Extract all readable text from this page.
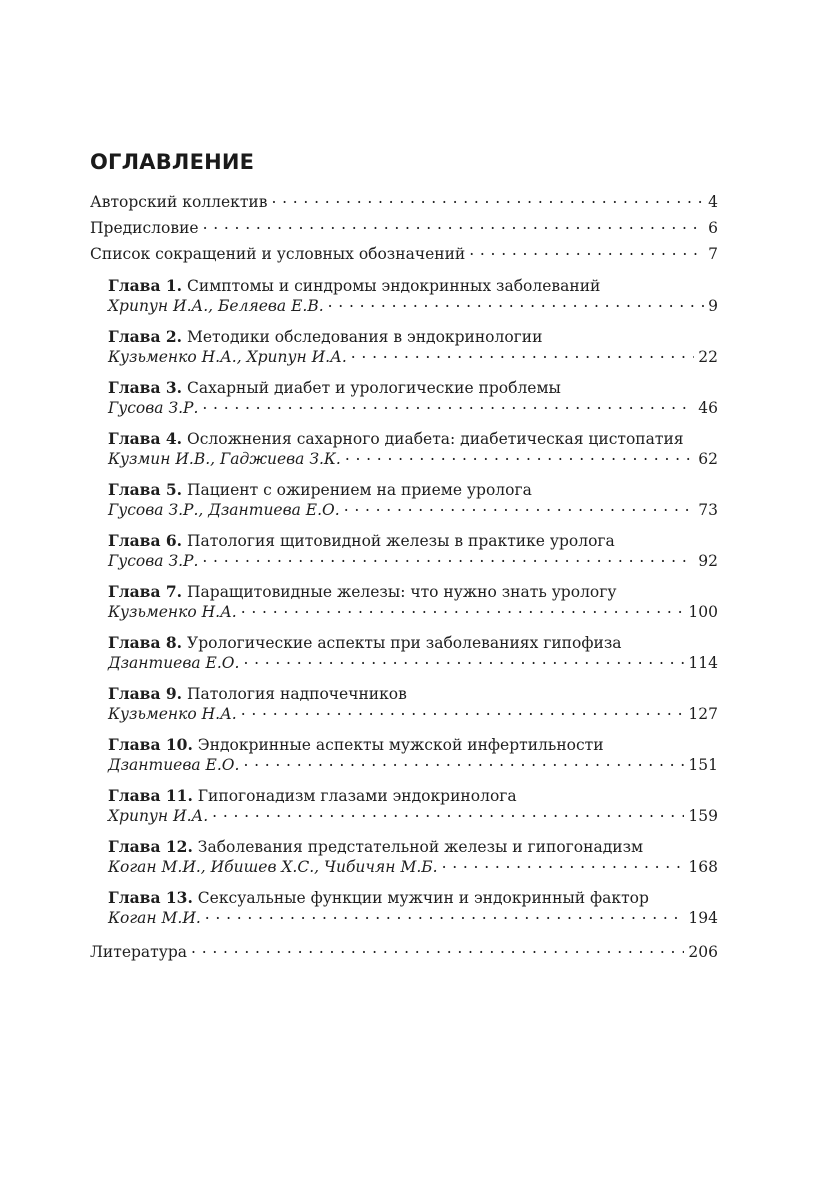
ОГЛАВЛЕНИЕ
Авторский коллектив . . .	4
Предисловие . . .	6
Список сокращений и условных обозначений . . .	7
Глава 1. Симптомы и синдромы эндокринных заболеваний
Хрипун И.А., Беляева Е.В. . . .	9
Глава 2. Методики обследования в эндокринологии
Кузьменко Н.А., Хрипун И.А. . . .	22
Глава 3. Сахарный диабет и урологические проблемы
Гусова З.Р. . . .	46
Глава 4. Осложнения сахарного диабета: диабетическая цистопатия
Кузмин И.В., Гаджиева З.К. . . .	62
Глава 5. Пациент с ожирением на приеме уролога
Гусова З.Р., Дзантиева Е.О. . . .	73
Глава 6. Патология щитовидной железы в практике уролога
Гусова З.Р. . . .	92
Глава 7. Паращитовидные железы: что нужно знать урологу
Кузьменко Н.А. . . .	100
Глава 8. Урологические аспекты при заболеваниях гипофиза
Дзантиева Е.О. . . .	114
Глава 9. Патология надпочечников
Кузьменко Н.А. . . .	127
Глава 10. Эндокринные аспекты мужской инфертильности
Дзантиева Е.О. . . .	151
Глава 11. Гипогонадизм глазами эндокринолога
Хрипун И.А. . . .	159
Глава 12. Заболевания предстательной железы и гипогонадизм
Коган М.И., Ибишев Х.С., Чибичян М.Б. . . .	168
Глава 13. Сексуальные функции мужчин и эндокринный фактор
Коган М.И. . . .	194
Литература . . .	206
